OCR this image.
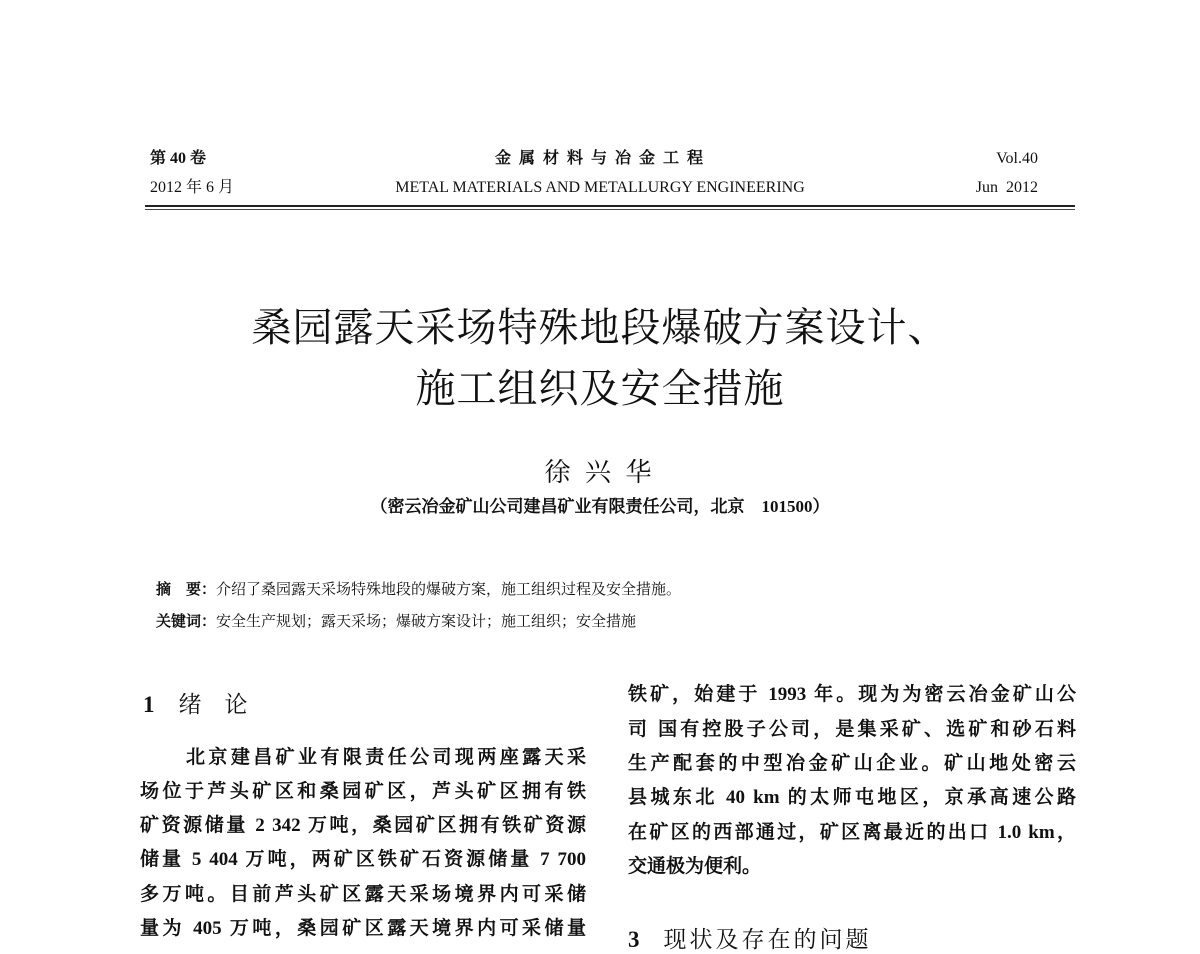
第 40 卷
2012 年 6 月
金 属 材 料 与 冶 金 工 程
METAL MATERIALS AND METALLURGY ENGINEERING
Vol.40
Jun  2012
桑园露天采场特殊地段爆破方案设计、
施工组织及安全措施
徐 兴 华
（密云冶金矿山公司建昌矿业有限责任公司，北京　101500）
摘　要：介绍了桑园露天采场特殊地段的爆破方案，施工组织过程及安全措施。
关键词：安全生产规划；露天采场；爆破方案设计；施工组织；安全措施
1 绪　论
北京建昌矿业有限责任公司现两座露天采
场位于芦头矿区和桑园矿区，芦头矿区拥有铁
矿资源储量 2 342 万吨，桑园矿区拥有铁矿资源
储量 5 404 万吨，两矿区铁矿石资源储量 7 700
多万吨。目前芦头矿区露天采场境界内可采储
量为 405 万吨，桑园矿区露天境界内可采储量
铁矿，始建于 1993 年。现为为密云冶金矿山公
司 国有控股子公司，是集采矿、选矿和砂石料
生产配套的中型冶金矿山企业。矿山地处密云
县城东北 40 km 的太师屯地区，京承高速公路
在矿区的西部通过，矿区离最近的出口 1.0 km，
交通极为便利。
3 现状及存在的问题
